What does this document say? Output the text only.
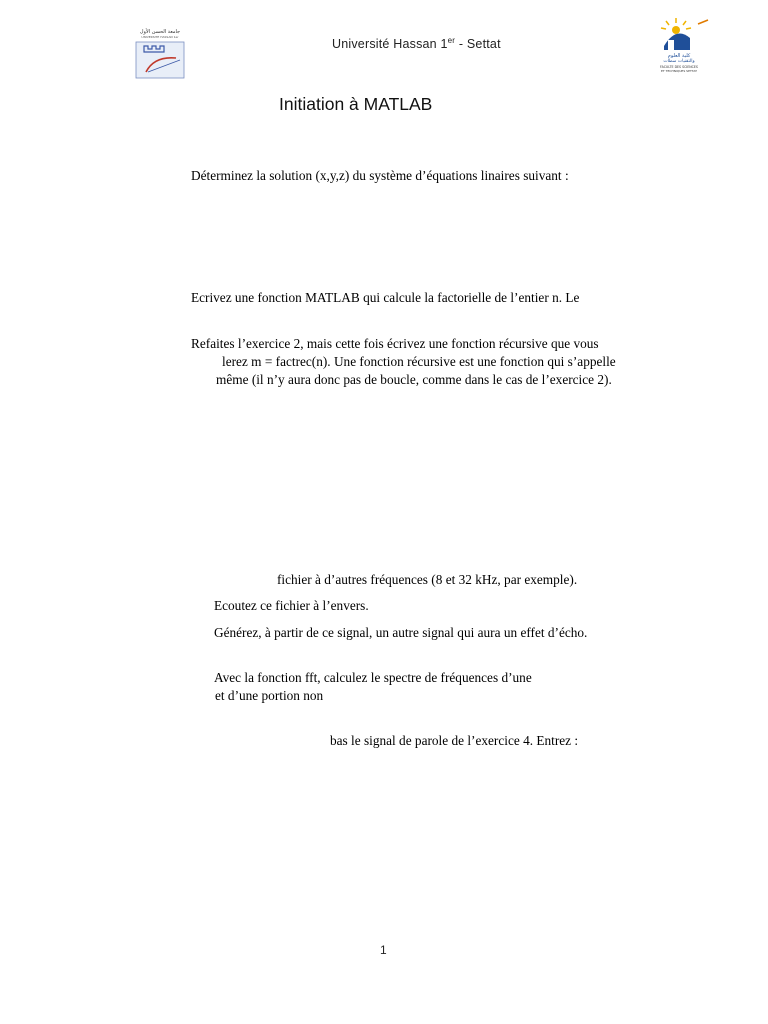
جامعة الحسن الأول
UNIVERSITE HASSAN 1er	Université Hassan 1er - Settat
كلية العلوم
والتقنيات سطات
FACULTE DES SCIENCES
ET TECHNIQUES SETTAT
Initiation à MATLAB
Déterminez la solution (x,y,z) du système d’équations linaires suivant :
Ecrivez une fonction MATLAB qui calcule la factorielle de l’entier n. Le
Refaites l’exercice 2, mais cette fois écrivez une fonction récursive que vous
lerez m = factrec(n). Une fonction récursive est une fonction qui s’appelle
même (il n’y aura donc pas de boucle, comme dans le cas de l’exercice 2).
fichier à d’autres fréquences (8 et 32 kHz, par exemple).
Ecoutez ce fichier à l’envers.
Générez, à partir de ce signal, un autre signal qui aura un effet d’écho.
Avec la fonction fft, calculez le spectre de fréquences d’une
et d’une portion non
bas le signal de parole de l’exercice 4. Entrez :
1
